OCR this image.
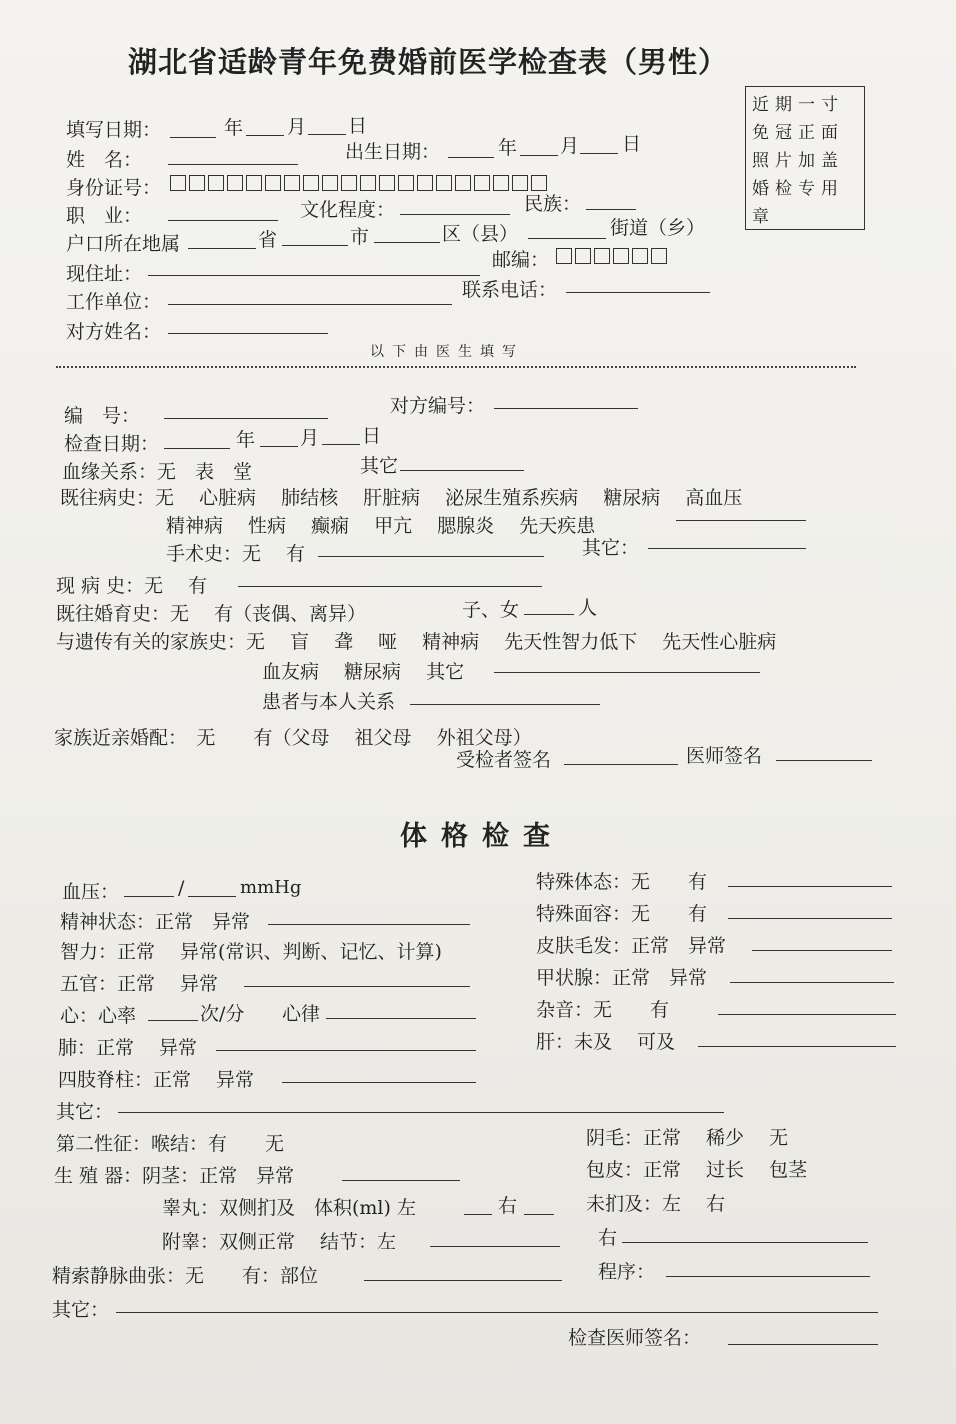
湖北省适龄青年免费婚前医学检查表（男性）
近期一寸免冠正面照片加盖婚检专用章
填写日期：	年 月 日
姓　名：	出生日期：	年 月 日
身份证号：
职　业：	文化程度：	民族：
户口所在地属	省	市	区（县）	街道（乡）
现住址：
邮编：
工作单位：
联系电话：
对方姓名：
以下由医生填写
编　号：	对方编号：
检查日期：	年 月 日
血缘关系：无　表　堂	其它
既往病史：无　 心脏病　 肺结核　 肝脏病　 泌尿生殖系疾病　 糖尿病　 高血压
精神病　 性病　 癫痫　 甲亢　 腮腺炎　 先天疾患
手术史：无　 有	其它：
现 病 史：无　 有
既往婚育史：无　 有（丧偶、离异）	子、女	人
与遗传有关的家族史：无　 盲　 聋　 哑　 精神病　 先天性智力低下　 先天性心脏病
血友病　 糖尿病　 其它
患者与本人关系
家族近亲婚配：　无　　有（父母　 祖父母　 外祖父母）
受检者签名	医师签名
体格检查
血压：	/	mmHg	特殊体态：无　　有
精神状态：正常　异常	特殊面容：无　　有
智力：正常　 异常(常识、判断、记忆、计算)	皮肤毛发：正常　异常
五官：正常　 异常	甲状腺：正常　异常
心：心率	次/分 心律	杂音：无　　有
肺：正常　 异常	肝：未及　 可及
四肢脊柱：正常　 异常
其它：
第二性征：喉结：有　　无	阴毛：正常　 稀少　 无
生 殖 器：阴茎：正常　异常	包皮：正常　 过长　 包茎
睾丸：双侧扪及　体积(ml) 左	右	未扪及：左　 右
附睾：双侧正常　 结节：左	右
精索静脉曲张：无　　有：部位	程序：
其它：
检查医师签名：
